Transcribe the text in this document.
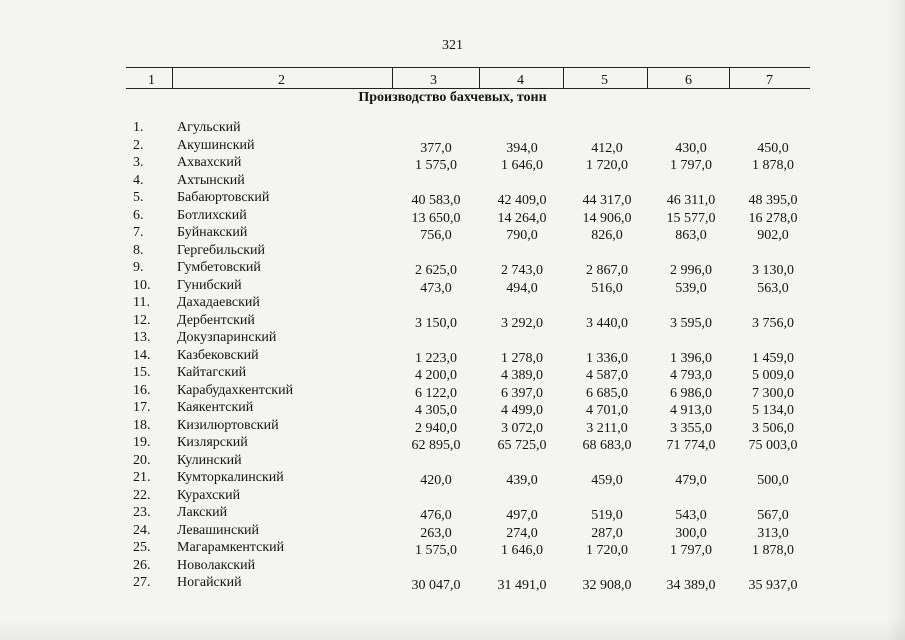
321
1	2	3	4	5	6	7
Производство бахчевых, тонн
1. Агульский
2. Акушинский	377,0	394,0	412,0	430,0	450,0
3. Ахвахский	1 575,0	1 646,0	1 720,0	1 797,0	1 878,0
4. Ахтынский
5. Бабаюртовский	40 583,0	42 409,0	44 317,0	46 311,0	48 395,0
6. Ботлихский	13 650,0	14 264,0	14 906,0	15 577,0	16 278,0
7. Буйнакский	756,0	790,0	826,0	863,0	902,0
8. Гергебильский
9. Гумбетовский	2 625,0	2 743,0	2 867,0	2 996,0	3 130,0
10. Гунибский	473,0	494,0	516,0	539,0	563,0
11. Дахадаевский
12. Дербентский	3 150,0	3 292,0	3 440,0	3 595,0	3 756,0
13. Докузпаринский
14. Казбековский	1 223,0	1 278,0	1 336,0	1 396,0	1 459,0
15. Кайтагский	4 200,0	4 389,0	4 587,0	4 793,0	5 009,0
16. Карабудахкентский	6 122,0	6 397,0	6 685,0	6 986,0	7 300,0
17. Каякентский	4 305,0	4 499,0	4 701,0	4 913,0	5 134,0
18. Кизилюртовский	2 940,0	3 072,0	3 211,0	3 355,0	3 506,0
19. Кизлярский	62 895,0	65 725,0	68 683,0	71 774,0	75 003,0
20. Кулинский
21. Кумторкалинский	420,0	439,0	459,0	479,0	500,0
22. Курахский
23. Лакский	476,0	497,0	519,0	543,0	567,0
24. Левашинский	263,0	274,0	287,0	300,0	313,0
25. Магарамкентский	1 575,0	1 646,0	1 720,0	1 797,0	1 878,0
26. Новолакский
27. Ногайский	30 047,0	31 491,0	32 908,0	34 389,0	35 937,0
